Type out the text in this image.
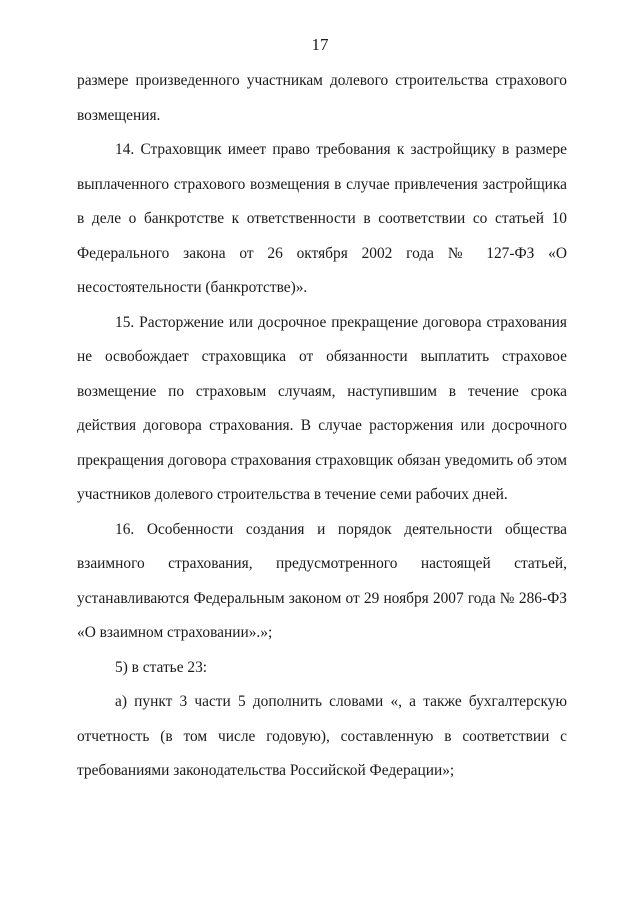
17

размере произведенного участникам долевого строительства страхового возмещения.

14. Страховщик имеет право требования к застройщику в размере выплаченного страхового возмещения в случае привлечения застройщика в деле о банкротстве к ответственности в соответствии со статьей 10 Федерального закона от 26 октября 2002 года № 127-ФЗ «О несостоятельности (банкротстве)».

15. Расторжение или досрочное прекращение договора страхования не освобождает страховщика от обязанности выплатить страховое возмещение по страховым случаям, наступившим в течение срока действия договора страхования. В случае расторжения или досрочного прекращения договора страхования страховщик обязан уведомить об этом участников долевого строительства в течение семи рабочих дней.

16. Особенности создания и порядок деятельности общества взаимного страхования, предусмотренного настоящей статьей, устанавливаются Федеральным законом от 29 ноября 2007 года № 286-ФЗ «О взаимном страховании».»;

5) в статье 23:

а) пункт 3 части 5 дополнить словами «, а также бухгалтерскую отчетность (в том числе годовую), составленную в соответствии с требованиями законодательства Российской Федерации»;
